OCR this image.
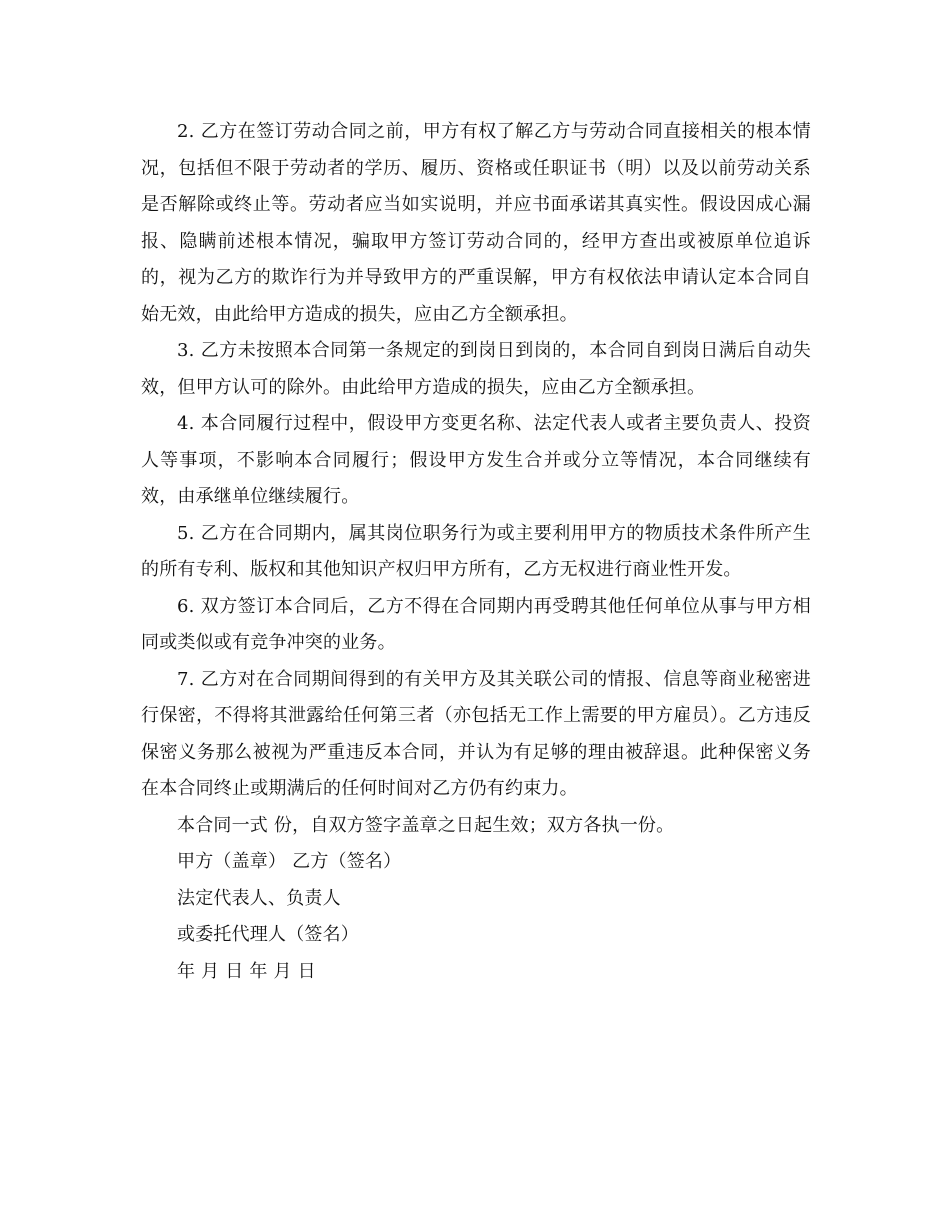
2. 乙方在签订劳动合同之前，甲方有权了解乙方与劳动合同直接相关的根本情况，包括但不限于劳动者的学历、履历、资格或任职证书（明）以及以前劳动关系是否解除或终止等。劳动者应当如实说明，并应书面承诺其真实性。假设因成心漏报、隐瞒前述根本情况，骗取甲方签订劳动合同的，经甲方查出或被原单位追诉的，视为乙方的欺诈行为并导致甲方的严重误解，甲方有权依法申请认定本合同自始无效，由此给甲方造成的损失，应由乙方全额承担。

3. 乙方未按照本合同第一条规定的到岗日到岗的，本合同自到岗日满后自动失效，但甲方认可的除外。由此给甲方造成的损失，应由乙方全额承担。

4. 本合同履行过程中，假设甲方变更名称、法定代表人或者主要负责人、投资人等事项，不影响本合同履行；假设甲方发生合并或分立等情况，本合同继续有效，由承继单位继续履行。

5. 乙方在合同期内，属其岗位职务行为或主要利用甲方的物质技术条件所产生的所有专利、版权和其他知识产权归甲方所有，乙方无权进行商业性开发。

6. 双方签订本合同后，乙方不得在合同期内再受聘其他任何单位从事与甲方相同或类似或有竞争冲突的业务。

7. 乙方对在合同期间得到的有关甲方及其关联公司的情报、信息等商业秘密进行保密，不得将其泄露给任何第三者（亦包括无工作上需要的甲方雇员）。乙方违反保密义务那么被视为严重违反本合同，并认为有足够的理由被辞退。此种保密义务在本合同终止或期满后的任何时间对乙方仍有约束力。

本合同一式 份，自双方签字盖章之日起生效；双方各执一份。

甲方（盖章） 乙方（签名）

法定代表人、负责人

或委托代理人（签名）

年 月 日 年 月 日
